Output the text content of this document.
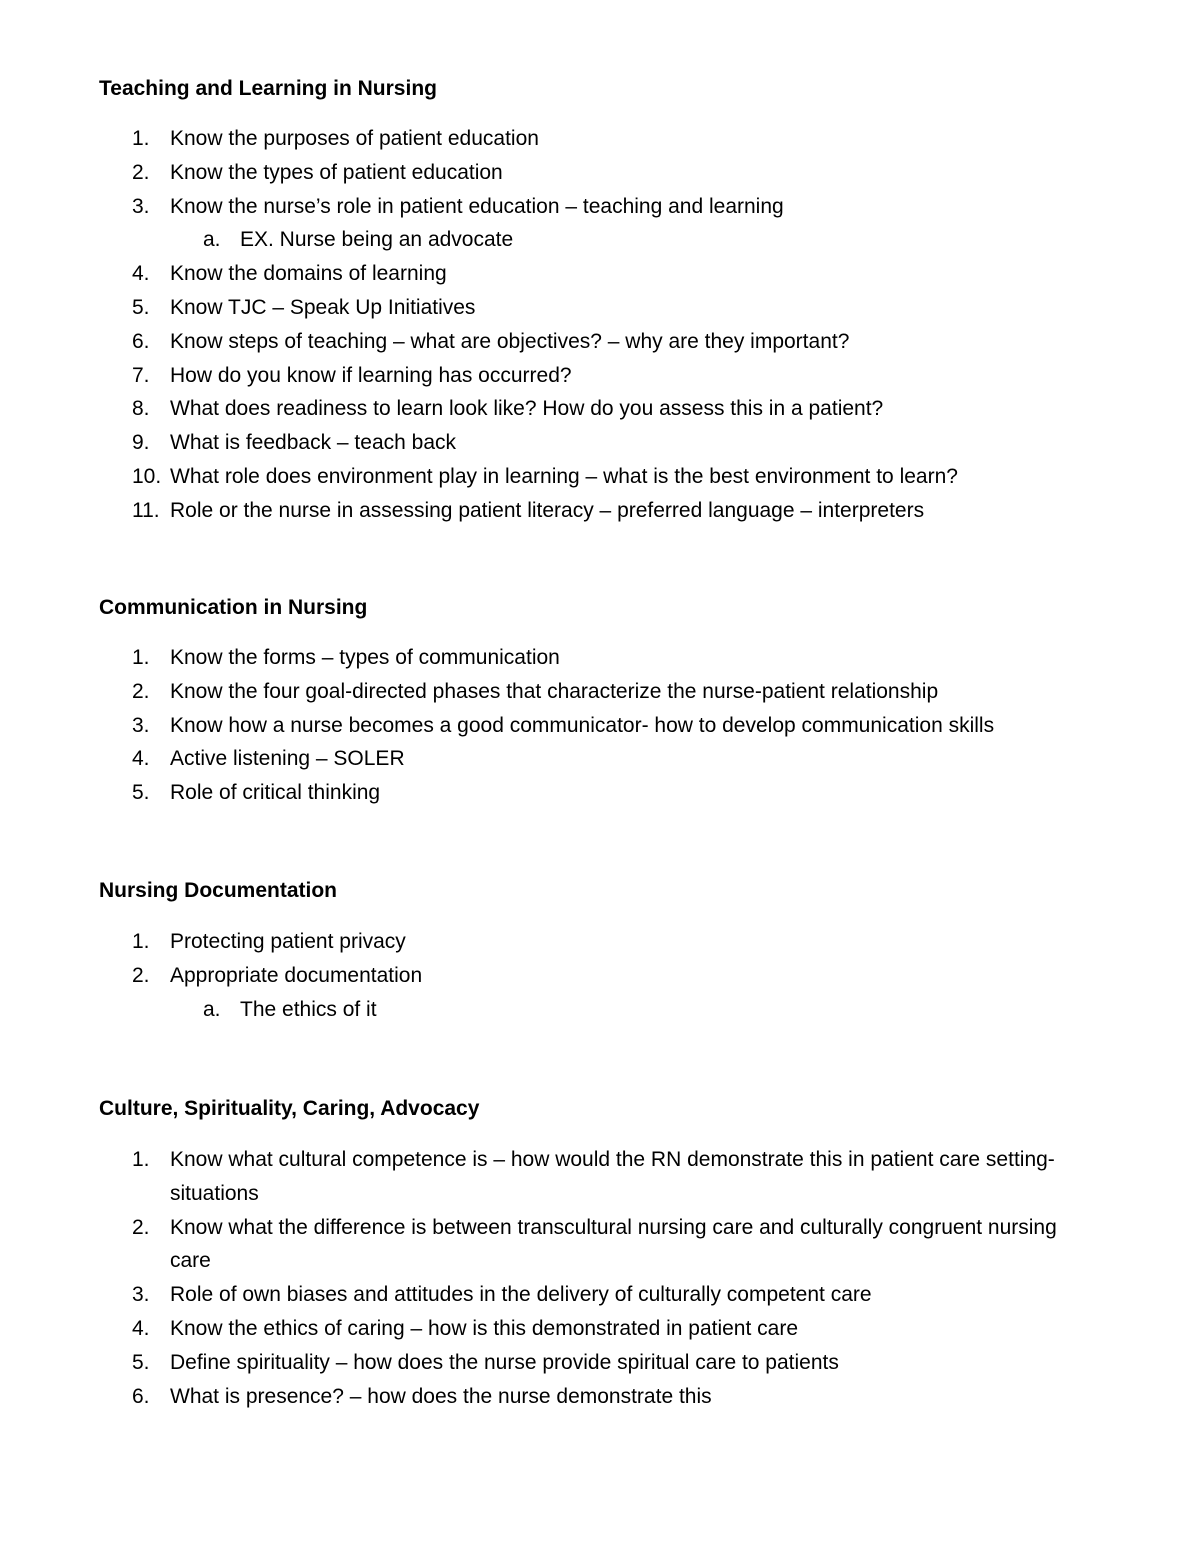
Teaching and Learning in Nursing
1. Know the purposes of patient education
2. Know the types of patient education
3. Know the nurse’s role in patient education – teaching and learning
a. EX. Nurse being an advocate
4. Know the domains of learning
5. Know TJC – Speak Up Initiatives
6. Know steps of teaching – what are objectives? – why are they important?
7. How do you know if learning has occurred?
8. What does readiness to learn look like? How do you assess this in a patient?
9. What is feedback – teach back
10. What role does environment play in learning – what is the best environment to learn?
11. Role or the nurse in assessing patient literacy – preferred language – interpreters
Communication in Nursing
1. Know the forms – types of communication
2. Know the four goal-directed phases that characterize the nurse-patient relationship
3. Know how a nurse becomes a good communicator- how to develop communication skills
4. Active listening – SOLER
5. Role of critical thinking
Nursing Documentation
1. Protecting patient privacy
2. Appropriate documentation
a. The ethics of it
Culture, Spirituality, Caring, Advocacy
1. Know what cultural competence is – how would the RN demonstrate this in patient care setting-situations
2. Know what the difference is between transcultural nursing care and culturally congruent nursing care
3. Role of own biases and attitudes in the delivery of culturally competent care
4. Know the ethics of caring – how is this demonstrated in patient care
5. Define spirituality – how does the nurse provide spiritual care to patients
6. What is presence? – how does the nurse demonstrate this
